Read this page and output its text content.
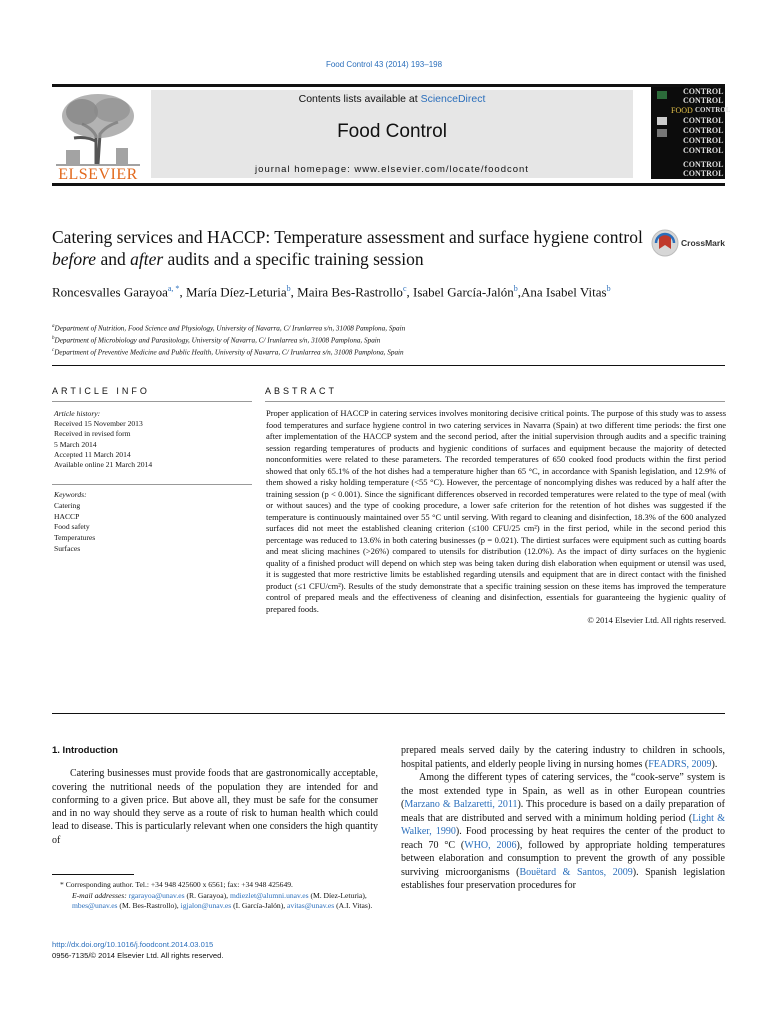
Food Control 43 (2014) 193–198
ELSEVIER
Contents lists available at ScienceDirect
Food Control
journal homepage: www.elsevier.com/locate/foodcont
CONTROL
CONTROL
FOOD CONTROL
CONTROL
CONTROL
CONTROL
CONTROL
CONTROL
CONTROL
Catering services and HACCP: Temperature assessment and surface hygiene control before and after audits and a specific training session
CrossMark
Roncesvalles Garayoa$^{a, *}$, María Díez-Leturia$^b$, Maira Bes-Rastrollo$^c$, Isabel García-Jalón$^b$,Ana Isabel Vitas$^b$
$^a$Department of Nutrition, Food Science and Physiology, University of Navarra, C/ Irunlarrea s/n, 31008 Pamplona, Spain
$^b$Department of Microbiology and Parasitology, University of Navarra, C/ Irunlarrea s/n, 31008 Pamplona, Spain
$^c$Department of Preventive Medicine and Public Health, University of Navarra, C/ Irunlarrea s/n, 31008 Pamplona, Spain
ARTICLE INFO
Article history:
Received 15 November 2013
Received in revised form
5 March 2014
Accepted 11 March 2014
Available online 21 March 2014
Keywords:
Catering
HACCP
Food safety
Temperatures
Surfaces
ABSTRACT
Proper application of HACCP in catering services involves monitoring decisive critical points. The purpose of this study was to assess food temperatures and surface hygiene control in two catering services in Navarra (Spain) at two different time periods: the first one after implementation of the HACCP system and the second period, after the initial supervision through audits and a specific training session regarding temperatures of products and hygienic conditions of surfaces and equipment because the majority of detected nonconformities were related to these parameters. The recorded temperatures of 650 cooked food products within the first period showed that only 65.1% of the hot dishes had a temperature higher than 65 °C, in accordance with Spanish legislation, and 12.9% of them showed a risky holding temperature (<55 °C). However, the percentage of noncomplying dishes was reduced by a half after the training session (p < 0.001). Since the significant differences observed in recorded temperatures were related to the type of meal (with or without sauces) and the type of cooking procedure, a lower safe criterion for the retention of hot dishes was suggested if the temperature is continuously maintained over 55 °C until serving. With regard to cleaning and disinfection, 18.3% of the 600 analyzed surfaces did not meet the established cleaning criterion (≤100 CFU/25 cm²) in the first period, while in the second period this percentage was reduced to 13.6% in both catering businesses (p = 0.021). The dirtiest surfaces were equipment such as cutting boards and meat slicing machines (>26%) compared to utensils for distribution (12.0%). As the impact of dirty surfaces on the hygienic quality of a finished product will depend on which step was being taken during dish elaboration when equipment or utensil was used, it is suggested that more restrictive limits be established regarding utensils and equipment that are in direct contact with the finished product (≤1 CFU/cm²). Results of the study demonstrate that a specific training session on these items has improved the temperature control of prepared meals and the effectiveness of cleaning and disinfection, essentials for guaranteeing the hygienic quality of prepared foods.
© 2014 Elsevier Ltd. All rights reserved.
1. Introduction
Catering businesses must provide foods that are gastronomically acceptable, covering the nutritional needs of the population they are intended for and conforming to a given price. But above all, they must be safe for the consumer and in no way should they serve as a route of risk to human health which could lead to disease. This is particularly relevant when one considers the high quantity of
prepared meals served daily by the catering industry to children in schools, hospital patients, and elderly people living in nursing homes (FEADRS, 2009).
Among the different types of catering services, the “cook-serve” system is the most extended type in Spain, as well as in other European countries (Marzano & Balzaretti, 2011). This procedure is based on a daily preparation of meals that are distributed and served with a minimum holding period (Light & Walker, 1990). Food processing by heat requires the center of the product to reach 70 °C (WHO, 2006), followed by appropriate holding temperatures between elaboration and consumption to prevent the growth of any possible surviving microorganisms (Bouëtard & Santos, 2009). Spanish legislation establishes four preservation procedures for
* Corresponding author. Tel.: +34 948 425600 x 6561; fax: +34 948 425649.
E-mail addresses: rgarayoa@unav.es (R. Garayoa), mdiezlet@alumni.unav.es (M. Díez-Leturia), mbes@unav.es (M. Bes-Rastrollo), igjalon@unav.es (I. García-Jalón), avitas@unav.es (A.I. Vitas).
http://dx.doi.org/10.1016/j.foodcont.2014.03.015
0956-7135/© 2014 Elsevier Ltd. All rights reserved.
